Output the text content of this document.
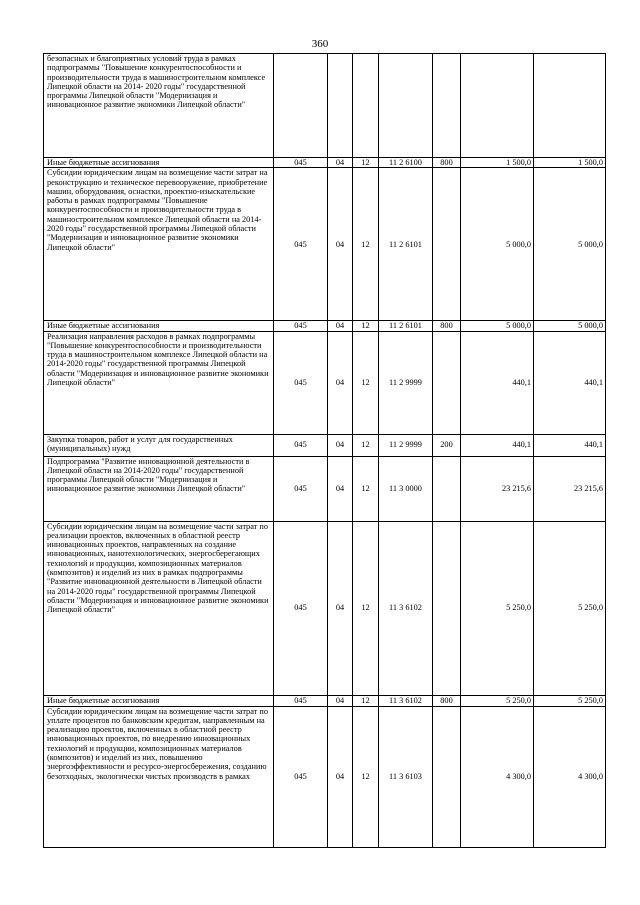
360
безопасных и благоприятных условий труда в рамках подпрограммы "Повышение конкурентоспособности и производительности труда в машиностроительном комплексе Липецкой области на 2014- 2020 годы" государственной программы Липецкой области "Модернизация и инновационное развитие экономики Липецкой области"							
Иные бюджетные ассигнования	045	04	12	11 2 6100	800	1 500,0	1 500,0
Субсидии юридическим лицам на возмещение части затрат на реконструкцию и техническое перевооружение, приобретение машин, оборудования, оснастки, проектно-изыскательские работы в рамках подпрограммы "Повышение конкурентоспособности и производительности труда в машиностроительном комплексе Липецкой области на 2014-2020 годы" государственной программы Липецкой области "Модернизация и инновационное развитие экономики Липецкой области"	045	04	12	11 2 6101		5 000,0	5 000,0
Иные бюджетные ассигнования	045	04	12	11 2 6101	800	5 000,0	5 000,0
Реализация направления расходов в рамках подпрограммы "Повышение конкурентоспособности и производительности труда в машиностроительном комплексе Липецкой области на 2014-2020 годы" государственной программы Липецкой области "Модернизация и инновационное развитие экономики Липецкой области"	045	04	12	11 2 9999		440,1	440,1
Закупка товаров, работ и услуг для государственных (муниципальных) нужд	045	04	12	11 2 9999	200	440,1	440,1
Подпрограмма "Развитие инновационной деятельности в Липецкой области на 2014-2020 годы" государственной программы Липецкой области "Модернизация и инновационное развитие экономики Липецкой области"	045	04	12	11 3 0000		23 215,6	23 215,6
Субсидии юридическим лицам на возмещение части затрат по реализации проектов, включенных в областной реестр инновационных проектов, направленных на создание инновационных, нанотехнологических, энергосберегающих технологий и продукции, композиционных материалов (композитов) и изделий из них в рамках подпрограммы "Развитие инновационной деятельности в Липецкой области на 2014-2020 годы" государственной программы Липецкой области "Модернизация и инновационное развитие экономики Липецкой области"	045	04	12	11 3 6102		5 250,0	5 250,0
Иные бюджетные ассигнования	045	04	12	11 3 6102	800	5 250,0	5 250,0
Субсидии юридическим лицам на возмещение части затрат по уплате процентов по банковским кредитам, направленным на реализацию проектов, включенных в областной реестр инновационных проектов, по внедрению инновационных технологий и продукции, композиционных материалов (композитов) и изделий из них, повышению энергоэффективности и ресурсо-энергосбережения, созданию безотходных, экологически чистых производств в рамках	045	04	12	11 3 6103		4 300,0	4 300,0
